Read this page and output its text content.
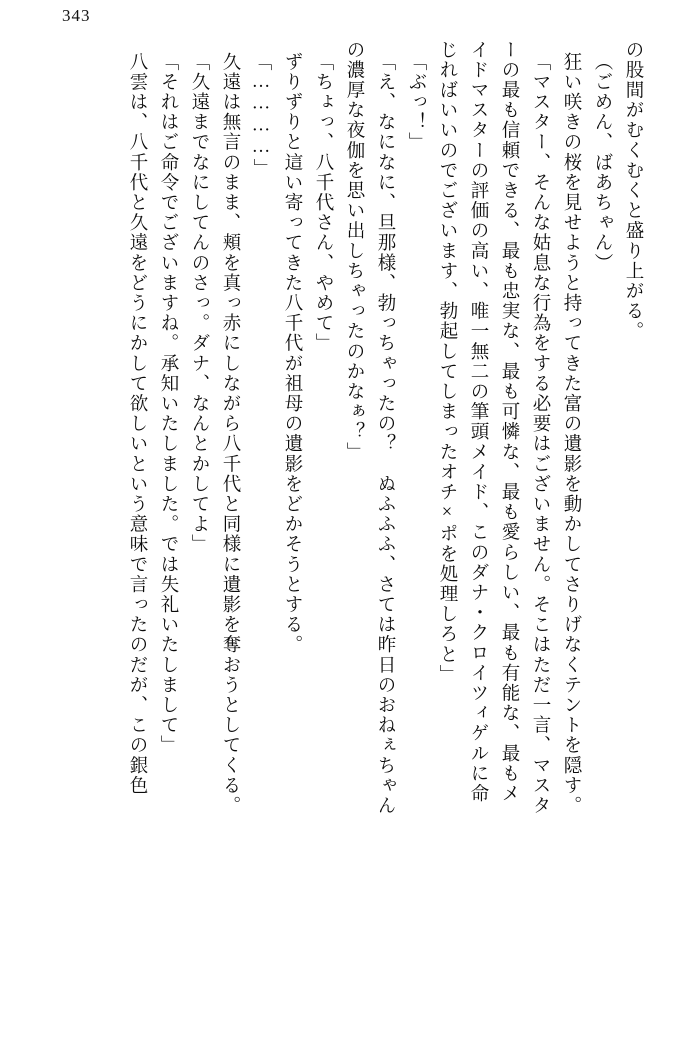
343
の股間がむくむくと盛り上がる。
（ごめん、ばあちゃん）
狂い咲きの桜を見せようと持ってきた富の遺影を動かしてさりげなくテントを隠す。
「マスター、そんな姑息な行為をする必要はございません。そこはただ一言、マスタ
ーの最も信頼できる、最も忠実な、最も可憐な、最も愛らしい、最も有能な、最もメ
イドマスターの評価の高い、唯一無二の筆頭メイド、このダナ・クロイツィゲルに命
じればいいのでございます、勃起してしまったオチ×ポを処理しろと」
「ぶっ！」
「え、なになに、旦那様、勃っちゃったの？　ぬふふふ、さては昨日のおねぇちゃん
の濃厚な夜伽を思い出しちゃったのかなぁ？」
「ちょっ、八千代さん、やめて」
ずりずりと這い寄ってきた八千代が祖母の遺影をどかそうとする。
「…………」
久遠は無言のまま、頬を真っ赤にしながら八千代と同様に遺影を奪おうとしてくる。
「久遠までなにしてんのさっ。ダナ、なんとかしてよ」
「それはご命令でございますね。承知いたしました。では失礼いたしまして」
八雲は、八千代と久遠をどうにかして欲しいという意味で言ったのだが、この銀色
